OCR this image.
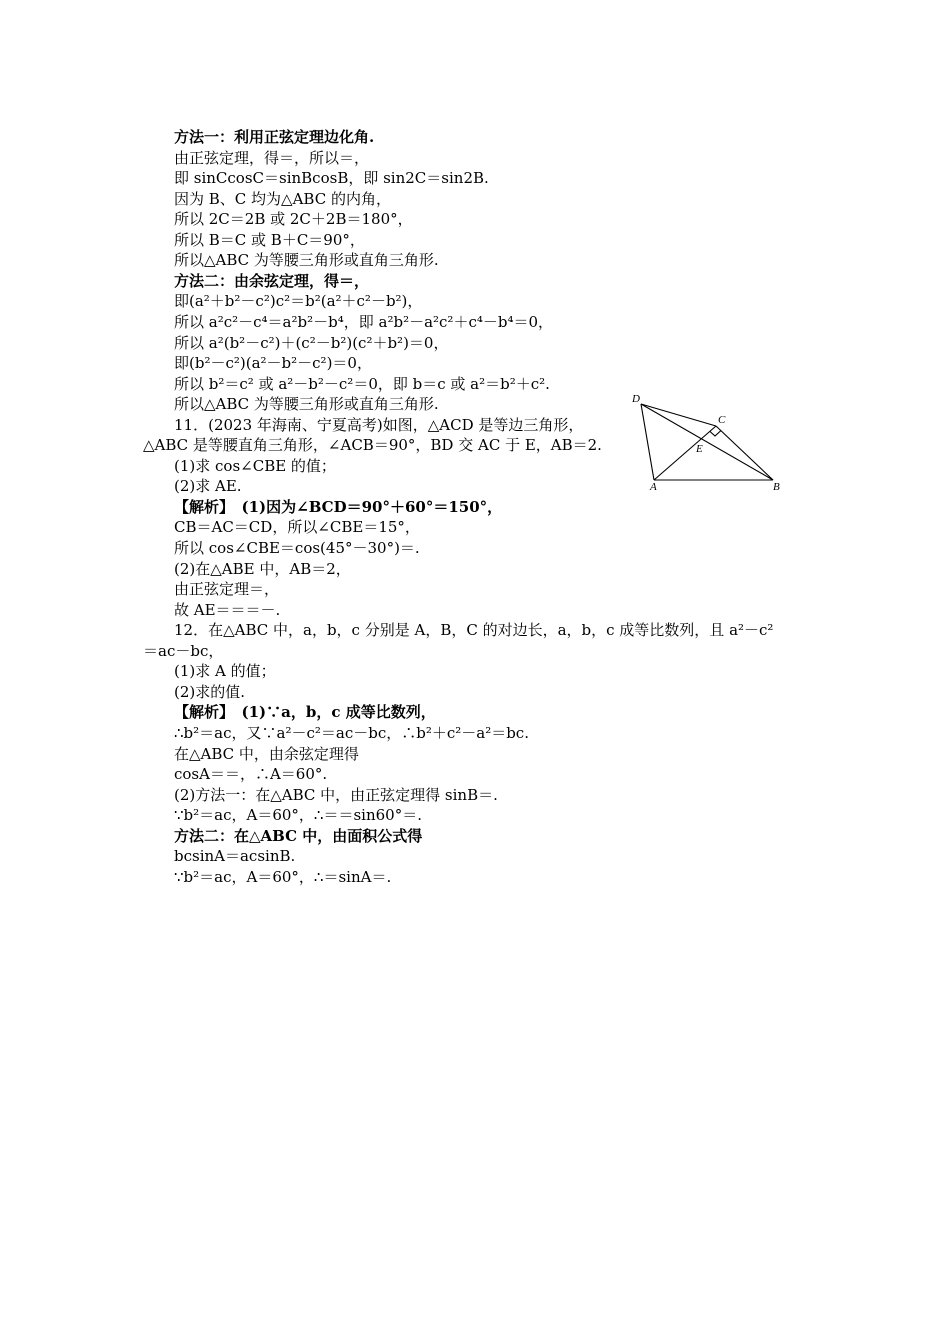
方法一：利用正弦定理边化角.
由正弦定理，得＝，所以＝，
即 sinCcosC＝sinBcosB，即 sin2C＝sin2B.
因为 B、C 均为△ABC 的内角，
所以 2C＝2B 或 2C＋2B＝180°，
所以 B＝C 或 B＋C＝90°，
所以△ABC 为等腰三角形或直角三角形.
方法二：由余弦定理，得＝，
即(a²＋b²－c²)c²＝b²(a²＋c²－b²)，
所以 a²c²－c⁴＝a²b²－b⁴，即 a²b²－a²c²＋c⁴－b⁴＝0，
所以 a²(b²－c²)＋(c²－b²)(c²＋b²)＝0，
即(b²－c²)(a²－b²－c²)＝0，
所以 b²＝c² 或 a²－b²－c²＝0，即 b＝c 或 a²＝b²＋c².
所以△ABC 为等腰三角形或直角三角形.
11．(2023 年海南、宁夏高考)如图，△ACD 是等边三角形，
△ABC 是等腰直角三角形，∠ACB＝90°，BD 交 AC 于 E，AB＝2.
(1)求 cos∠CBE 的值；
(2)求 AE.
【解析】　(1)因为∠BCD＝90°＋60°＝150°，
CB＝AC＝CD，所以∠CBE＝15°，
所以 cos∠CBE＝cos(45°－30°)＝.
(2)在△ABE 中，AB＝2，
由正弦定理＝，
故 AE＝＝＝－.
12．在△ABC 中，a，b，c 分别是 A，B，C 的对边长，a，b，c 成等比数列，且 a²－c²
＝ac－bc，
(1)求 A 的值；
(2)求的值.
【解析】　(1)∵a，b，c 成等比数列，
∴b²＝ac，又∵a²－c²＝ac－bc，∴b²＋c²－a²＝bc.
在△ABC 中，由余弦定理得
cosA＝＝，∴A＝60°.
(2)方法一：在△ABC 中，由正弦定理得 sinB＝.
∵b²＝ac，A＝60°，∴＝＝sin60°＝.
方法二：在△ABC 中，由面积公式得
bcsinA＝acsinB.
∵b²＝ac，A＝60°，∴＝sinA＝.
D
C
E
A	B
